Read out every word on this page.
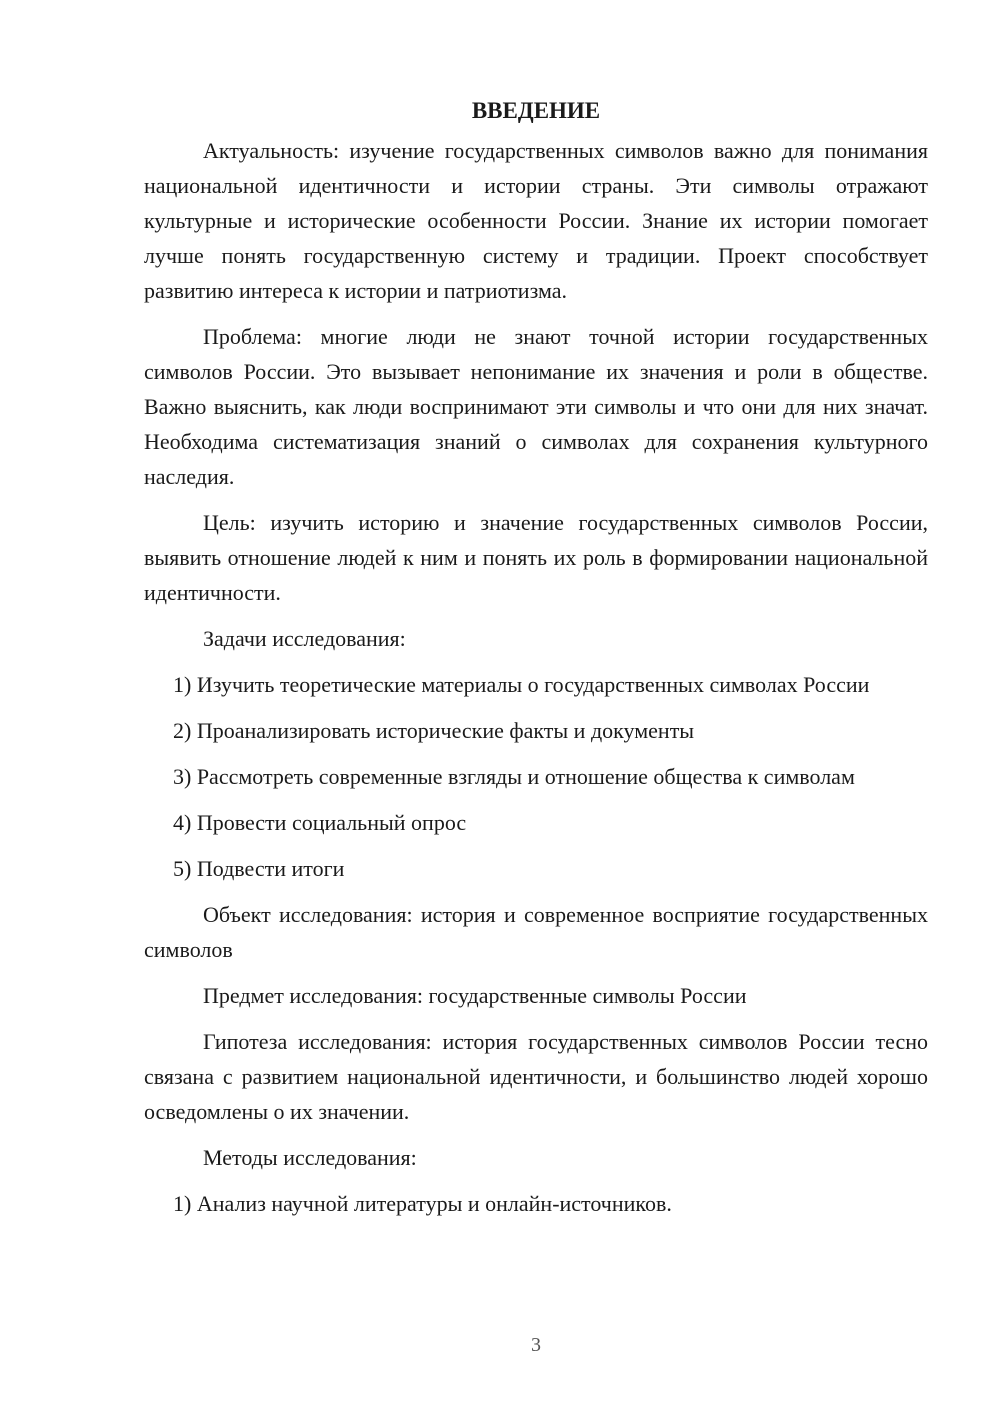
ВВЕДЕНИЕ

Актуальность: изучение государственных символов важно для понимания национальной идентичности и истории страны. Эти символы отражают культурные и исторические особенности России. Знание их истории помогает лучше понять государственную систему и традиции. Проект способствует развитию интереса к истории и патриотизма.

Проблема: многие люди не знают точной истории государственных символов России. Это вызывает непонимание их значения и роли в обществе. Важно выяснить, как люди воспринимают эти символы и что они для них значат. Необходима систематизация знаний о символах для сохранения культурного наследия.

Цель: изучить историю и значение государственных символов России, выявить отношение людей к ним и понять их роль в формировании национальной идентичности.

Задачи исследования:

1) Изучить теоретические материалы о государственных символах России

2) Проанализировать исторические факты и документы

3) Рассмотреть современные взгляды и отношение общества к символам

4) Провести социальный опрос

5) Подвести итоги

Объект исследования: история и современное восприятие государственных символов

Предмет исследования: государственные символы России

Гипотеза исследования: история государственных символов России тесно связана с развитием национальной идентичности, и большинство людей хорошо осведомлены о их значении.

Методы исследования:

1) Анализ научной литературы и онлайн-источников.

3
